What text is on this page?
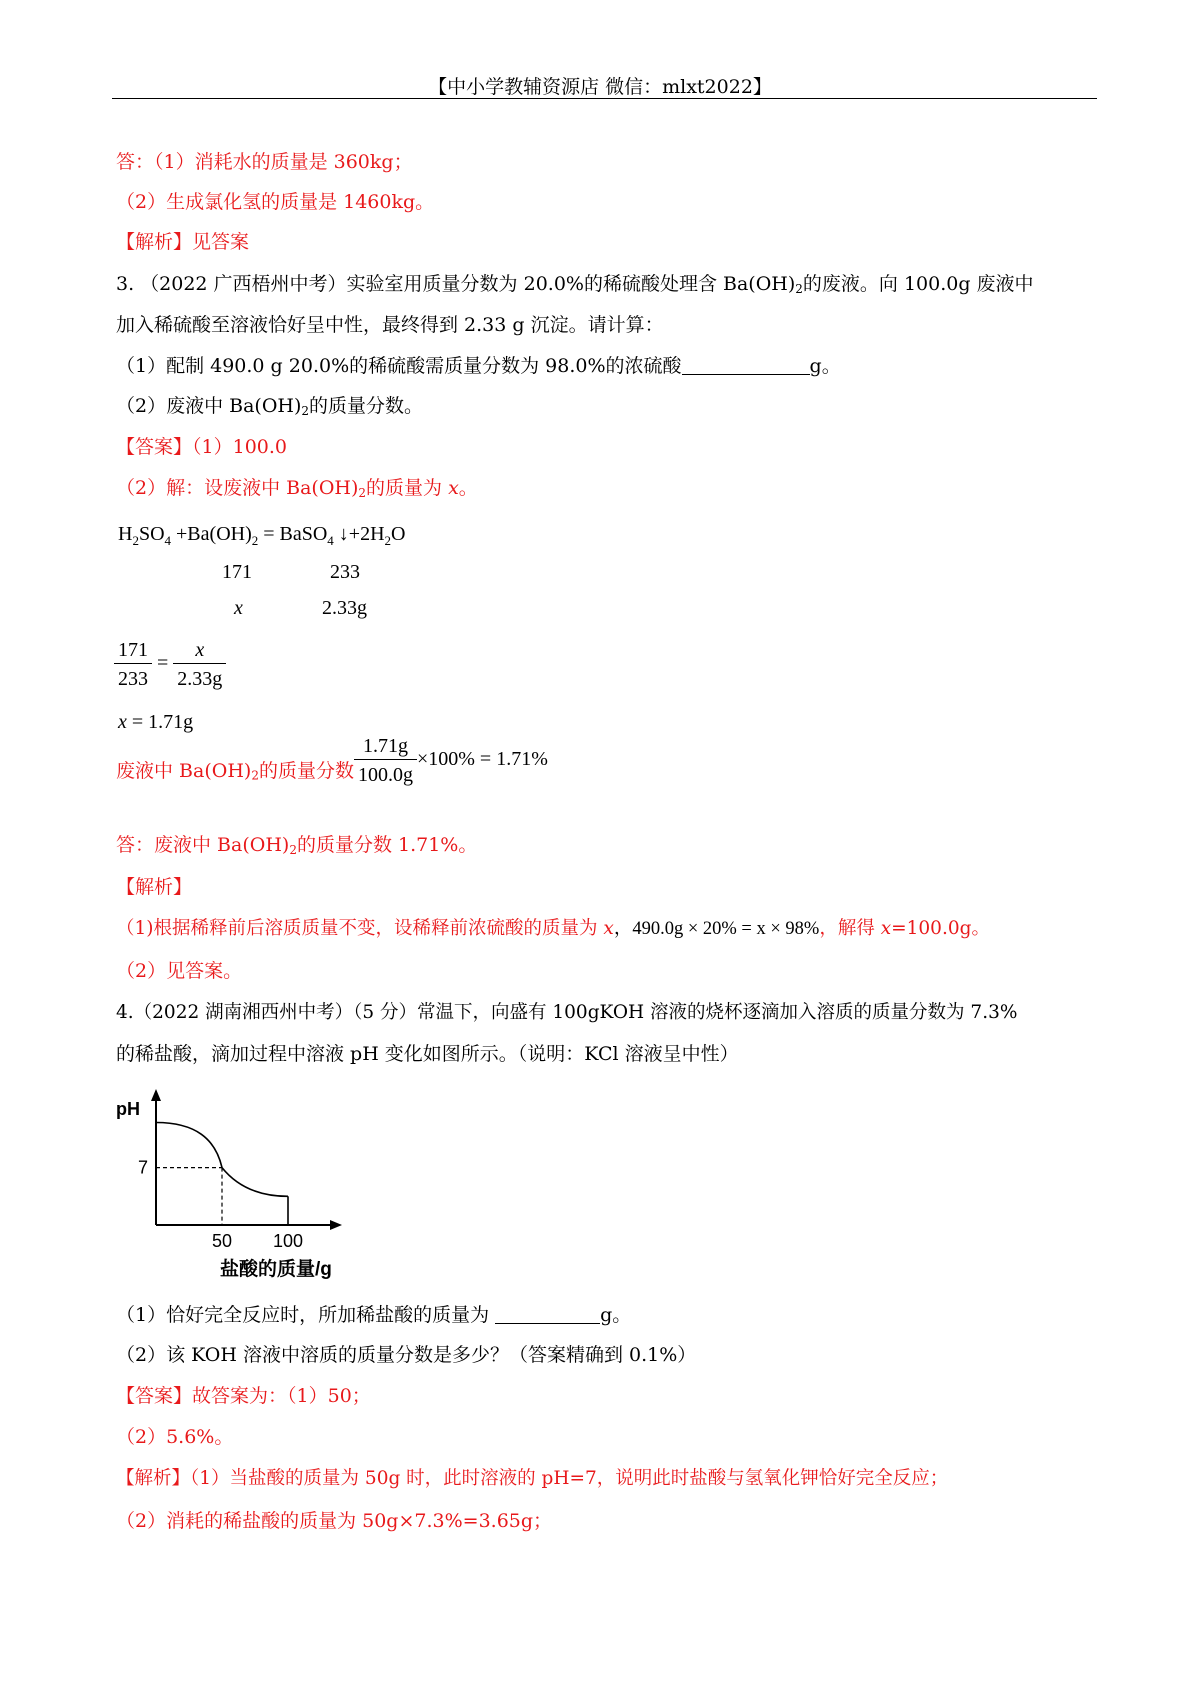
【中小学教辅资源店 微信：mlxt2022】
答：（1）消耗水的质量是 360kg；
（2）生成氯化氢的质量是 1460kg。
【解析】见答案
3. （2022 广西梧州中考）实验室用质量分数为 20.0%的稀硫酸处理含 Ba(OH)2的废液。向 100.0g 废液中
加入稀硫酸至溶液恰好呈中性，最终得到 2.33 g 沉淀。请计算：
（1）配制 490.0 g 20.0%的稀硫酸需质量分数为 98.0%的浓硫酸	g。
（2）废液中 Ba(OH)2的质量分数。
【答案】（1）100.0
（2）解：设废液中 Ba(OH)2的质量为 x。
$H_2SO_4 +Ba(OH)_2$ = BaSO$_4$ $↓+2H_2O$
171	233
x	2.33g
$\frac{171}{233} = \frac{x}{2.33g}$
x = 1.71g
废液中 Ba(OH)2的质量分数 $\frac{1.71g}{100.0g} \times 100\% = 1.71\%$
答：废液中 Ba(OH)2的质量分数 1.71%。
【解析】
（1)根据稀释前后溶质质量不变，设稀释前浓硫酸的质量为 x，490.0g × 20% = x × 98%，解得 x=100.0g。
（2）见答案。
4.（2022 湖南湘西州中考）（5 分）常温下，向盛有 100gKOH 溶液的烧杯逐滴加入溶质的质量分数为 7.3%
的稀盐酸，滴加过程中溶液 pH 变化如图所示。（说明：KCl 溶液呈中性）
pH
7
50 100
盐酸的质量/g
（1）恰好完全反应时，所加稀盐酸的质量为	g。
（2）该 KOH 溶液中溶质的质量分数是多少？（答案精确到 0.1%）
【答案】故答案为：（1）50；
（2）5.6%。
【解析】（1）当盐酸的质量为 50g 时，此时溶液的 pH=7，说明此时盐酸与氢氧化钾恰好完全反应；
（2）消耗的稀盐酸的质量为 50g×7.3%=3.65g；
